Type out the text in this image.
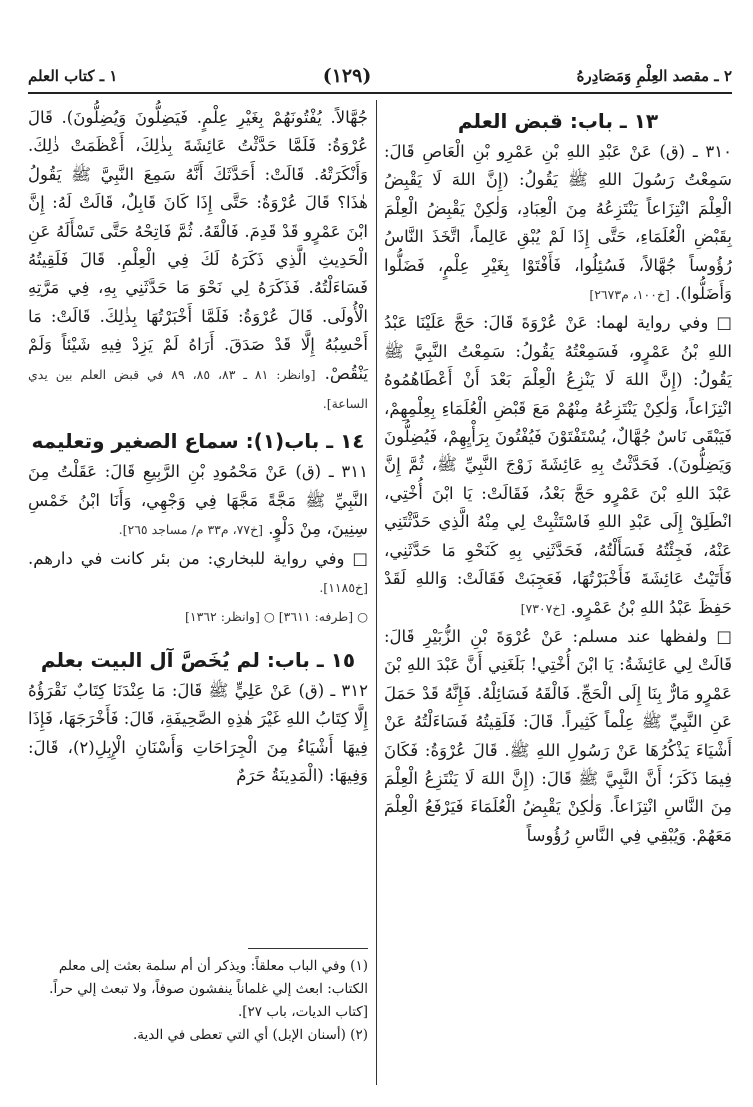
٢ ـ مقصد العِلْمِ وَمَصَادِرهُ
(١٢٩)
١ ـ كتاب العلم
١٣ ـ باب: قبض العلم

٣١٠ ـ (ق) عَنْ عَبْدِ اللهِ بْنِ عَمْرِو بْنِ الْعَاصِ قَالَ: سَمِعْتُ رَسُولَ اللهِ ﷺ يَقُولُ: (إِنَّ اللهَ لَا يَقْبِضُ الْعِلْمَ انْتِزَاعاً يَنْتَزِعُهُ مِنَ الْعِبَادِ، وَلٰكِنْ يَقْبِضُ الْعِلْمَ بِقَبْضِ الْعُلَمَاءِ، حَتَّى إِذَا لَمْ يُبْقِ عَالِماً، اتَّخَذَ النَّاسُ رُؤُوساً جُهَّالاً، فَسُئِلُوا، فَأَفْتَوْا بِغَيْرِ عِلْمٍ، فَضَلُّوا وَأَضَلُّوا). [خ١٠٠، م٢٦٧٣]

□ وفي رواية لهما: عَنْ عُرْوَةَ قَالَ: حَجَّ عَلَيْنَا عَبْدُ اللهِ بْنُ عَمْرٍو، فَسَمِعْتُهُ يَقُولُ: سَمِعْتُ النَّبِيَّ ﷺ يَقُولُ: (إِنَّ اللهَ لَا يَنْزِعُ الْعِلْمَ بَعْدَ أَنْ أَعْطَاهُمُوهُ انْتِزَاعاً، وَلٰكِنْ يَنْتَزِعُهُ مِنْهُمْ مَعَ قَبْضِ الْعُلَمَاءِ بِعِلْمِهِمْ، فَيَبْقَى نَاسٌ جُهَّالٌ، يُسْتَفْتَوْنَ فَيُفْتُونَ بِرَأْيِهِمْ، فَيُضِلُّونَ وَيَضِلُّونَ). فَحَدَّثْتُ بِهِ عَائِشَةَ زَوْجَ النَّبِيِّ ﷺ، ثُمَّ إِنَّ عَبْدَ اللهِ بْنَ عَمْرٍو حَجَّ بَعْدُ، فَقَالَتْ: يَا ابْنَ أُخْتِي، انْطَلِقْ إِلَى عَبْدِ اللهِ فَاسْتَثْبِتْ لِي مِنْهُ الَّذِي حَدَّثْتَنِي عَنْهُ، فَجِئْتُهُ فَسَأَلْتُهُ، فَحَدَّثَنِي بِهِ كَنَحْوِ مَا حَدَّثَنِي، فَأَتَيْتُ عَائِشَةَ فَأَخْبَرْتُهَا، فَعَجِبَتْ فَقَالَتْ: وَاللهِ لَقَدْ حَفِظَ عَبْدُ اللهِ بْنُ عَمْرٍو. [خ٧٣٠٧]

□ ولفظها عند مسلم: عَنْ عُرْوَةَ بْنِ الزُّبَيْرِ قَالَ: قَالَتْ لِي عَائِشَةُ: يَا ابْنَ أُخْتِي! بَلَغَنِي أَنَّ عَبْدَ اللهِ بْنَ عَمْرٍو مَارٌّ بِنَا إِلَى الْحَجِّ. فَالْقَهُ فَسَائِلْهُ. فَإِنَّهُ قَدْ حَمَلَ عَنِ النَّبِيِّ ﷺ عِلْماً كَثِيراً. قَالَ: فَلَقِيتُهُ فَسَاءَلْتُهُ عَنْ أَشْيَاءَ يَذْكُرُهَا عَنْ رَسُولِ اللهِ ﷺ. قَالَ عُرْوَةُ: فَكَانَ فِيمَا ذَكَرَ؛ أَنَّ النَّبِيَّ ﷺ قَالَ: (إِنَّ اللهَ لَا يَنْتَزِعُ الْعِلْمَ مِنَ النَّاسِ انْتِزَاعاً. وَلٰكِنْ يَقْبِضُ الْعُلَمَاءَ فَيَرْفَعُ الْعِلْمَ مَعَهُمْ. وَيُبْقِي فِي النَّاسِ رُؤُوساً

جُهَّالاً. يُفْتُونَهُمْ بِغَيْرِ عِلْمٍ. فَيَضِلُّونَ وَيُضِلُّونَ). قَالَ عُرْوَةُ: فَلَمَّا حَدَّثْتُ عَائِشَةَ بِذٰلِكَ، أَعْظَمَتْ ذٰلِكَ. وَأَنْكَرَتْهُ. قَالَتْ: أَحَدَّثَكَ أَنَّهُ سَمِعَ النَّبِيَّ ﷺ يَقُولُ هٰذَا؟ قَالَ عُرْوَةُ: حَتَّى إِذَا كَانَ قَابِلٌ، قَالَتْ لَهُ: إِنَّ ابْنَ عَمْرٍو قَدْ قَدِمَ. فَالْقَهُ. ثُمَّ فَاتِحْهُ حَتَّى تَسْأَلَهُ عَنِ الْحَدِيثِ الَّذِي ذَكَرَهُ لَكَ فِي الْعِلْمِ. قَالَ فَلَقِيتُهُ فَسَاءَلْتُهُ. فَذَكَرَهُ لِي نَحْوَ مَا حَدَّثَنِي بِهِ، فِي مَرَّتِهِ الْأُولَى. قَالَ عُرْوَةُ: فَلَمَّا أَخْبَرْتُهَا بِذٰلِكَ. قَالَتْ: مَا أَحْسِبُهُ إِلَّا قَدْ صَدَقَ. أَرَاهُ لَمْ يَزِدْ فِيهِ شَيْئاً وَلَمْ يَنْقُصْ. [وانظر: ٨١ ـ ٨٣، ٨٥، ٨٩ في قبض العلم بين يدي الساعة].

١٤ ـ باب(١): سماع الصغير وتعليمه

٣١١ ـ (ق) عَنْ مَحْمُودِ بْنِ الرَّبِيعِ قَالَ: عَقَلْتُ مِنَ النَّبِيِّ ﷺ مَجَّةً مَجَّهَا فِي وَجْهِي، وَأَنَا ابْنُ خَمْسِ سِنِينَ، مِنْ دَلْوٍ. [خ٧٧، م٣٣ م/ مساجد ٢٦٥].

□ وفي رواية للبخاري: من بئر كانت في دارهم. [خ١١٨٥].

○ [طرفه: ٣٦١١] ○ [وانظر: ١٣٦٢]

١٥ ـ باب: لم يُخَصَّ آل البيت بعلم

٣١٢ ـ (ق) عَنْ عَلِيٍّ ﷺ قَالَ: مَا عِنْدَنَا كِتَابٌ نَقْرَؤُهُ إِلَّا كِتَابُ اللهِ غَيْرَ هٰذِهِ الصَّحِيفَةِ، قَالَ: فَأَخْرَجَهَا، فَإِذَا فِيهَا أَشْيَاءُ مِنَ الْجِرَاحَاتِ وَأَسْنَانِ الْإِبِلِ(٢)، قَالَ: وَفِيهَا: (الْمَدِينَةُ حَرَمٌ

(١) وفي الباب معلقاً: ويذكر أن أم سلمة بعثت إلى معلم الكتاب: ابعث إلي غلماناً ينفشون صوفاً، ولا تبعث إلي حراً. [كتاب الديات، باب ٢٧].

(٢) (أسنان الإبل) أي التي تعطى في الدية.
